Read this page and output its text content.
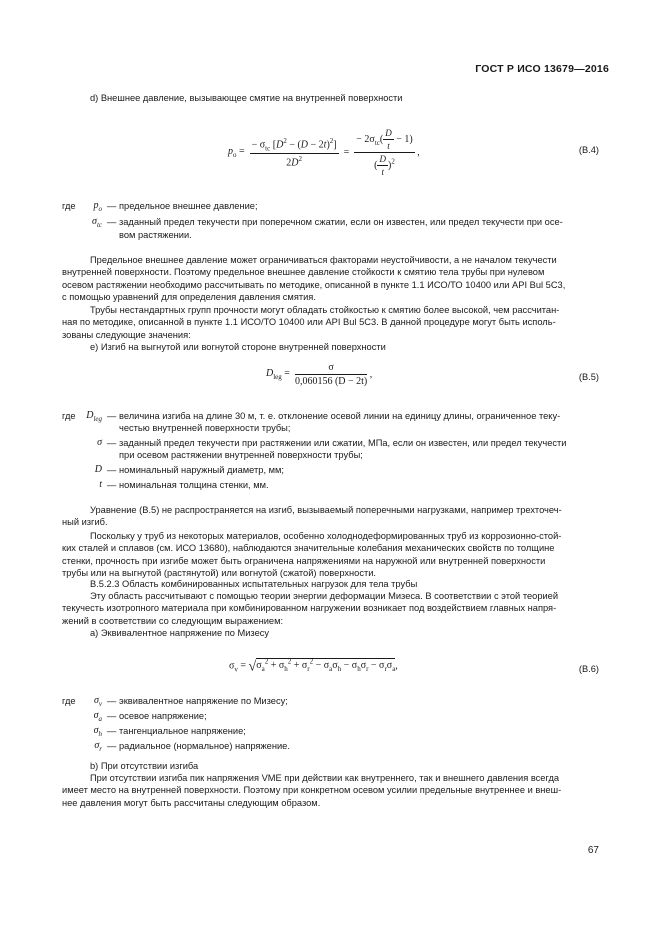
ГОСТ Р ИСО 13679—2016
d) Внешнее давление, вызывающее смятие на внутренней поверхности
$p_o = \frac{- \sigma_{tc} [D^2 - (D - 2t)^2]}{2D^2} = \frac{- 2\sigma_{tc}( \frac{D}{t} - 1)}{( \frac{D}{t} )^2}$ ,	(В.4)
где	$p_o$ — предельное внешнее давление;
$\sigma_{tc}$ — заданный предел текучести при поперечном сжатии, если он известен, или предел текучести при осе-
вом растяжении.
Предельное внешнее давление может ограничиваться факторами неустойчивости, а не началом текучести
внутренней поверхности. Поэтому предельное внешнее давление стойкости к смятию тела трубы при нулевом
осевом растяжении необходимо рассчитывать по методике, описанной в пункте 1.1 ИСО/ТО 10400 или API Bul 5C3,
с помощью уравнений для определения давления смятия.
Трубы нестандартных групп прочности могут обладать стойкостью к смятию более высокой, чем рассчитан-
ная по методике, описанной в пункте 1.1 ИСО/ТО 10400 или API Bul 5C3. В данной процедуре могут быть исполь-
зованы следующие значения:
е) Изгиб на выгнутой или вогнутой стороне внутренней поверхности
$D_{leg} = \frac{\sigma}{0,060156 (D - 2t)}$ ,	(В.5)
где	$D_{leg}$ — величина изгиба на длине 30 м, т. е. отклонение осевой линии на единицу длины, ограниченное теку-
честью внутренней поверхности трубы;
σ — заданный предел текучести при растяжении или сжатии, МПа, если он известен, или предел текучести
при осевом растяжении внутренней поверхности трубы;
D — номинальный наружный диаметр, мм;
t — номинальная толщина стенки, мм.
Уравнение (В.5) не распространяется на изгиб, вызываемый поперечными нагрузками, например трехточеч-
ный изгиб.
Поскольку у труб из некоторых материалов, особенно холоднодеформированных труб из коррозионно-стой-
ких сталей и сплавов (см. ИСО 13680), наблюдаются значительные колебания механических свойств по толщине
стенки, прочность при изгибе может быть ограничена напряжениями на наружной или внутренней поверхности
трубы или на выгнутой (растянутой) или вогнутой (сжатой) поверхности.
В.5.2.3 Область комбинированных испытательных нагрузок для тела трубы
Эту область рассчитывают с помощью теории энергии деформации Мизеса. В соответствии с этой теорией
текучесть изотропного материала при комбинированном нагружении возникает под воздействием главных напря-
жений в соответствии со следующим выражением:
а) Эквивалентное напряжение по Мизесу
$\sigma_v = √\sigma_a^2 + \sigma_h^2 + \sigma_r^2 - \sigma_a\sigma_h - \sigma_h\sigma_r - \sigma_r\sigma_a$,	(В.6)
где	$\sigma_v$ — эквивалентное напряжение по Мизесу;
$\sigma_a$ — осевое напряжение;
$\sigma_h$ — тангенциальное напряжение;
$\sigma_r$ — радиальное (нормальное) напряжение.
b) При отсутствии изгиба
При отсутствии изгиба пик напряжения VME при действии как внутреннего, так и внешнего давления всегда
имеет место на внутренней поверхности. Поэтому при конкретном осевом усилии предельные внутреннее и внеш-
нее давления могут быть рассчитаны следующим образом.
67
